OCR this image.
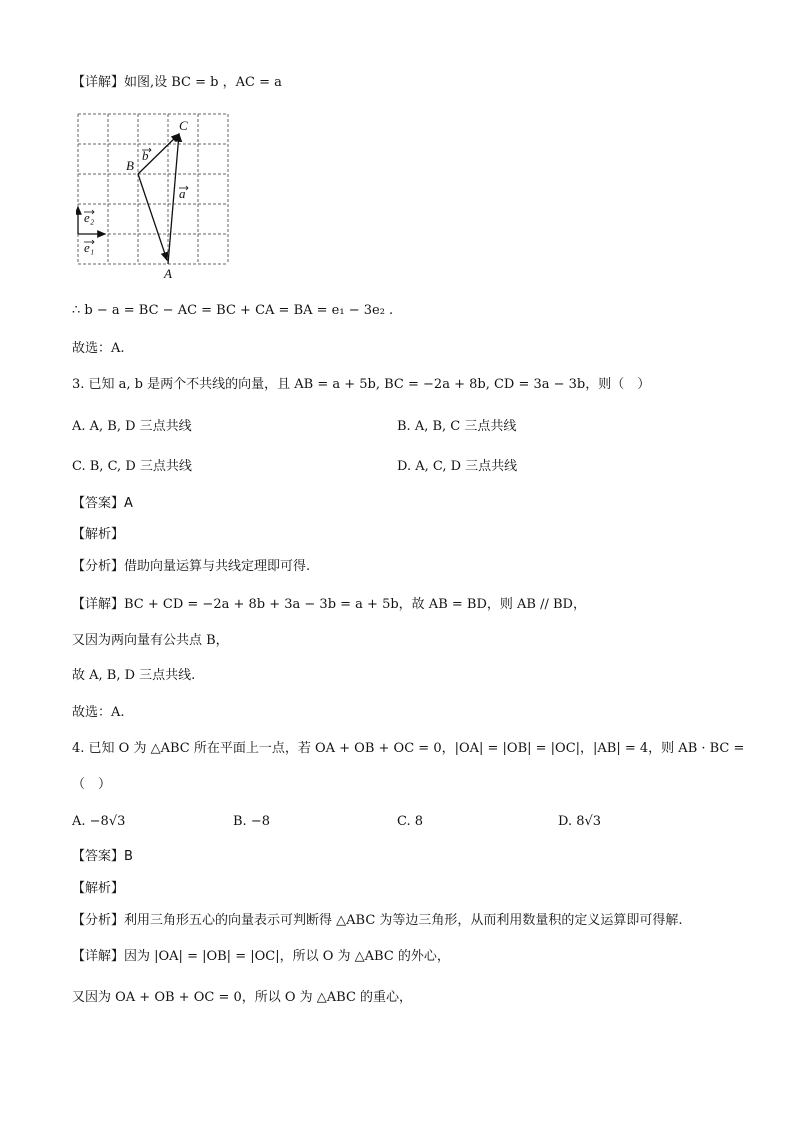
【详解】如图,设 BC = b ，AC = a
C
B
A
b
a
e₂
e₁
∴ b − a = BC − AC = BC + CA = BA = e₁ − 3e₂ .
故选：A.
3. 已知 a, b 是两个不共线的向量，且 AB = a + 5b, BC = −2a + 8b, CD = 3a − 3b，则（　）
A. A, B, D 三点共线	B. A, B, C 三点共线
C. B, C, D 三点共线	D. A, C, D 三点共线
【答案】A
【解析】
【分析】借助向量运算与共线定理即可得.
【详解】BC + CD = −2a + 8b + 3a − 3b = a + 5b，故 AB = BD，则 AB // BD，
又因为两向量有公共点 B，
故 A, B, D 三点共线.
故选：A.
4. 已知 O 为 △ABC 所在平面上一点，若 OA + OB + OC = 0，|OA| = |OB| = |OC|，|AB| = 4，则 AB · BC =
（　）
A. −8√3	B. −8	C. 8	D. 8√3
【答案】B
【解析】
【分析】利用三角形五心的向量表示可判断得 △ABC 为等边三角形，从而利用数量积的定义运算即可得解.
【详解】因为 |OA| = |OB| = |OC|，所以 O 为 △ABC 的外心，
又因为 OA + OB + OC = 0，所以 O 为 △ABC 的重心，
